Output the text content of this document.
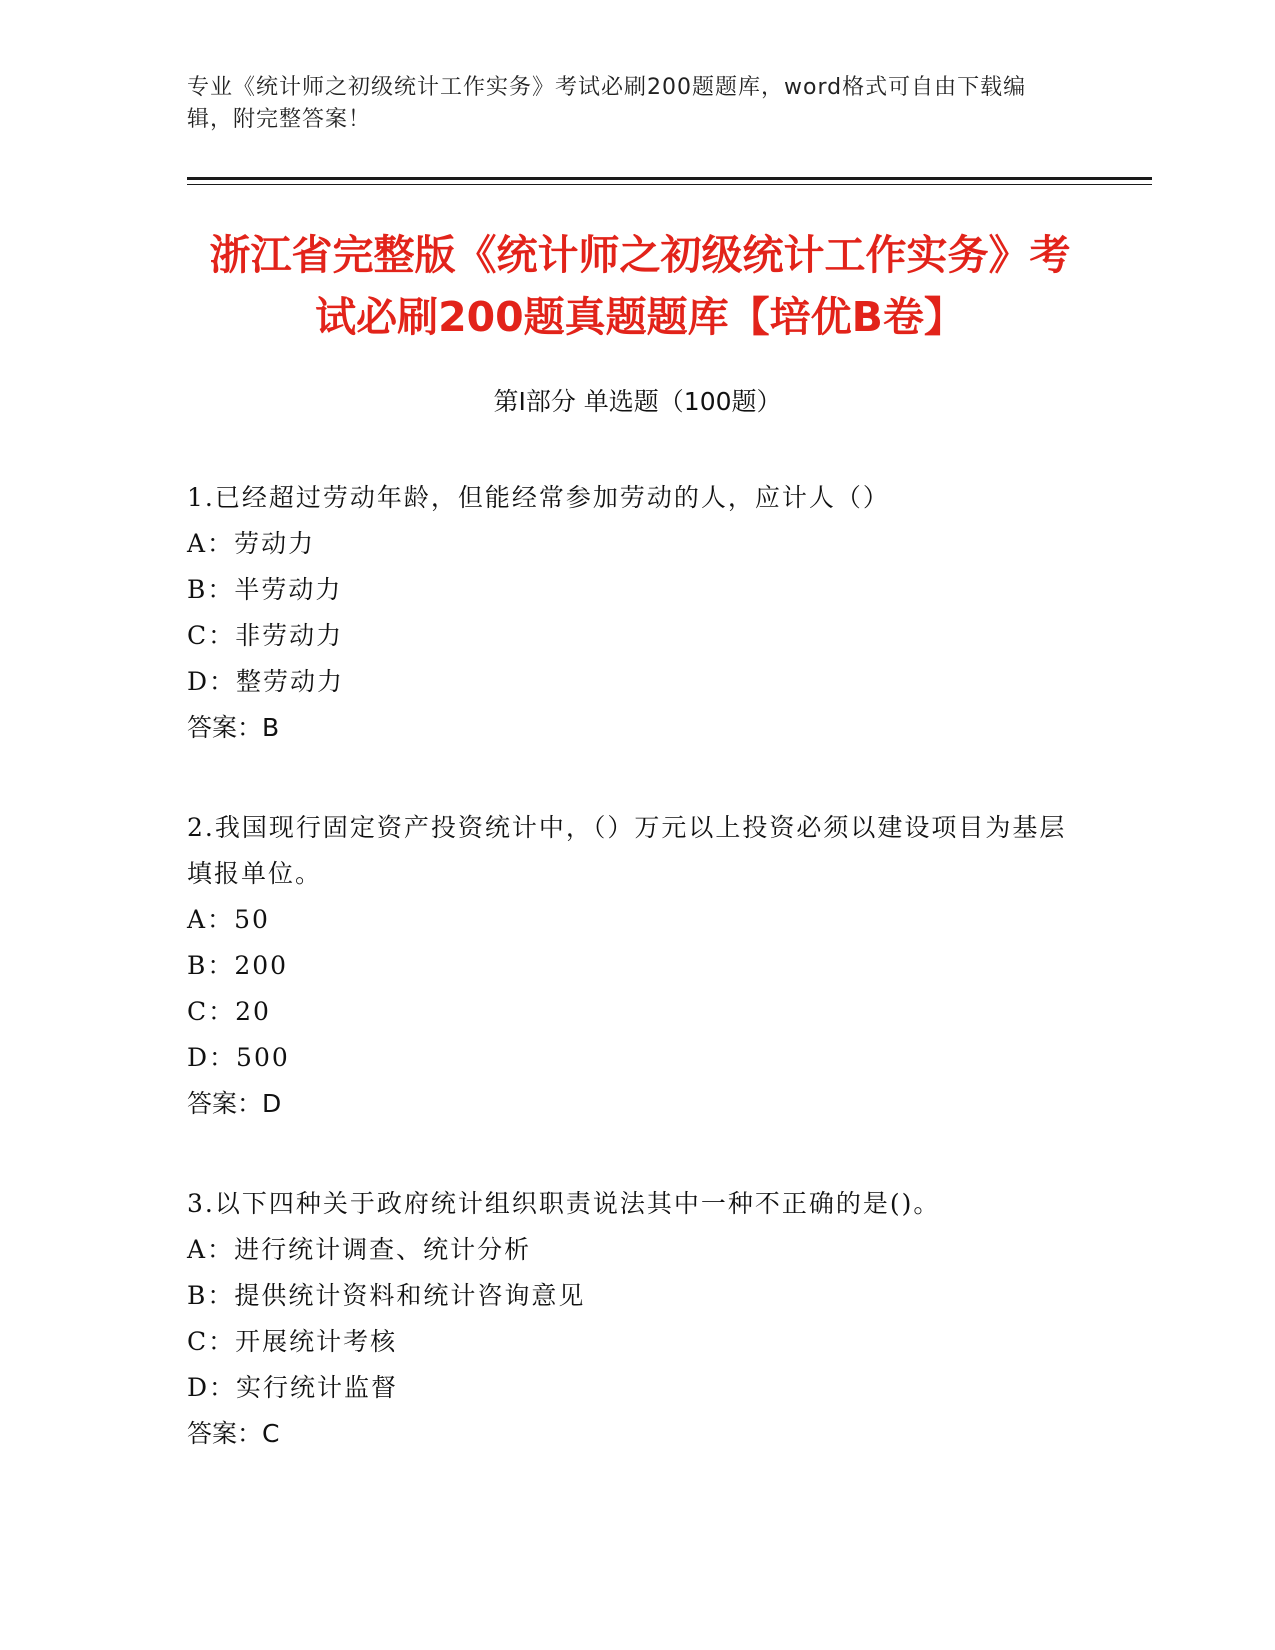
专业《统计师之初级统计工作实务》考试必刷200题题库，word格式可自由下载编辑，附完整答案！
浙江省完整版《统计师之初级统计工作实务》考试必刷200题真题题库【培优B卷】
第I部分 单选题（100题）
1.已经超过劳动年龄，但能经常参加劳动的人，应计人（）
A：劳动力
B：半劳动力
C：非劳动力
D：整劳动力
答案：B
2.我国现行固定资产投资统计中，（）万元以上投资必须以建设项目为基层填报单位。
A：50
B：200
C：20
D：500
答案：D
3.以下四种关于政府统计组织职责说法其中一种不正确的是()。
A：进行统计调查、统计分析
B：提供统计资料和统计咨询意见
C：开展统计考核
D：实行统计监督
答案：C
